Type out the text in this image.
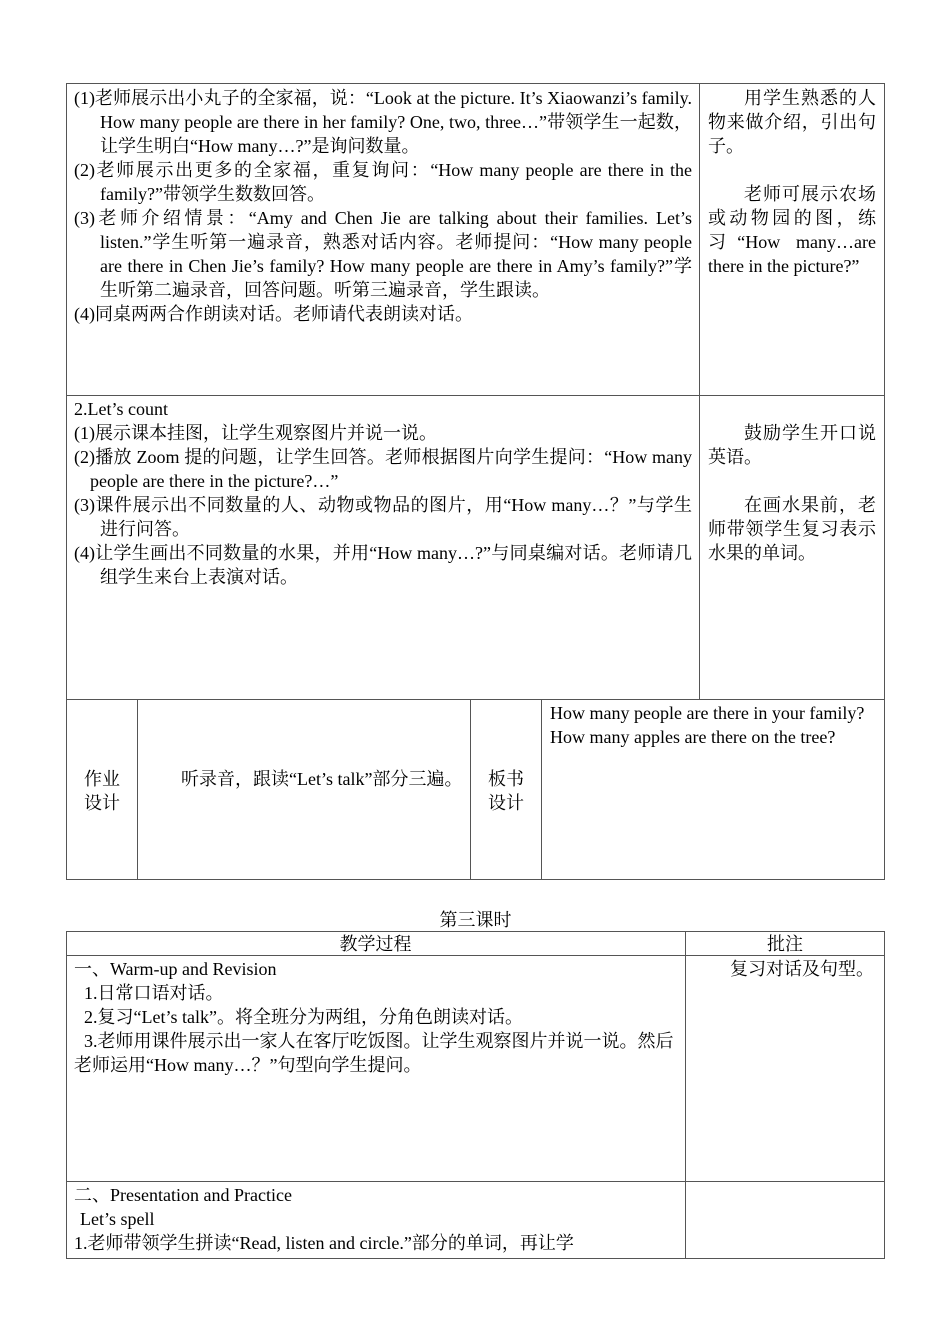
(1)老师展示出小丸子的全家福，说：“Look at the picture. It’s Xiaowanzi’s family. How many people are there in her family? One, two, three…”带领学生一起数，让学生明白“How many…?”是询问数量。

(2)老师展示出更多的全家福，重复询问：“How many people are there in the family?”带领学生数数回答。

(3)老师介绍情景：“Amy and Chen Jie are talking about their families. Let’s listen.”学生听第一遍录音，熟悉对话内容。老师提问：“How many people are there in Chen Jie’s family? How many people are there in Amy’s family?”学生听第二遍录音，回答问题。听第三遍录音，学生跟读。

(4)同桌两两合作朗读对话。老师请代表朗读对话。

用学生熟悉的人物来做介绍，引出句子。

老师可展示农场或动物园的图，练习“How many…are there in the picture?”

2.Let’s count

(1)展示课本挂图，让学生观察图片并说一说。

(2)播放 Zoom 提的问题，让学生回答。老师根据图片向学生提问：“How many people are there in the picture?…”

(3)课件展示出不同数量的人、动物或物品的图片，用“How many…？”与学生进行问答。

(4)让学生画出不同数量的水果，并用“How many…?”与同桌编对话。老师请几组学生来台上表演对话。

鼓励学生开口说英语。

在画水果前，老师带领学生复习表示水果的单词。

作业设计
听录音，跟读“Let’s talk”部分三遍。	板书设计

How many people are there in your family?

How many apples are there on the tree?

第三课时
教学过程	批注

一、Warm-up and Revision

1.日常口语对话。

2.复习“Let’s talk”。将全班分为两组，分角色朗读对话。

3.老师用课件展示出一家人在客厅吃饭图。让学生观察图片并说一说。然后老师运用“How many…？”句型向学生提问。

复习对话及句型。

二、Presentation and Practice

Let’s spell

1.老师带领学生拼读“Read, listen and circle.”部分的单词，再让学
